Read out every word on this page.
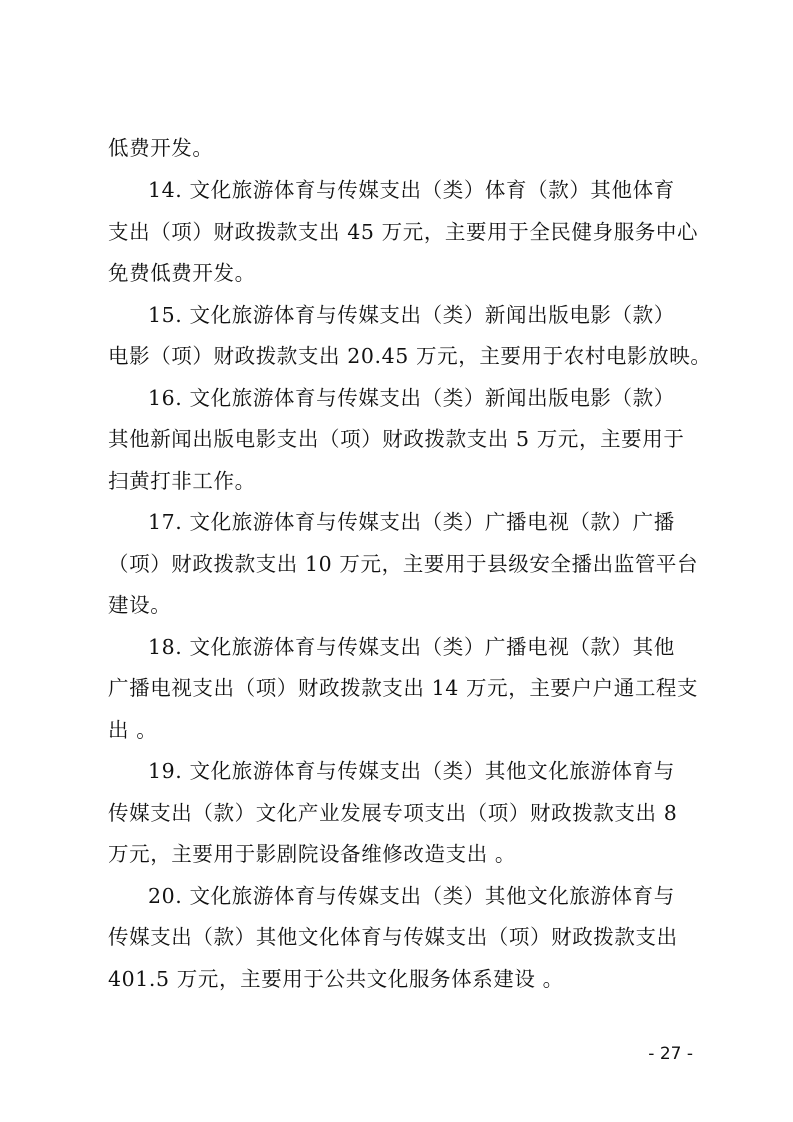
低费开发。
14. 文化旅游体育与传媒支出（类）体育（款）其他体育
支出（项）财政拨款支出 45 万元，主要用于全民健身服务中心
免费低费开发。
15. 文化旅游体育与传媒支出（类）新闻出版电影（款）
电影（项）财政拨款支出 20.45 万元，主要用于农村电影放映。
16. 文化旅游体育与传媒支出（类）新闻出版电影（款）
其他新闻出版电影支出（项）财政拨款支出 5 万元，主要用于
扫黄打非工作。
17. 文化旅游体育与传媒支出（类）广播电视（款）广播
（项）财政拨款支出 10 万元，主要用于县级安全播出监管平台
建设。
18. 文化旅游体育与传媒支出（类）广播电视（款）其他
广播电视支出（项）财政拨款支出 14 万元，主要户户通工程支
出 。
19. 文化旅游体育与传媒支出（类）其他文化旅游体育与
传媒支出（款）文化产业发展专项支出（项）财政拨款支出 8
万元，主要用于影剧院设备维修改造支出 。
20. 文化旅游体育与传媒支出（类）其他文化旅游体育与
传媒支出（款）其他文化体育与传媒支出（项）财政拨款支出
401.5 万元，主要用于公共文化服务体系建设 。
- 27 -
